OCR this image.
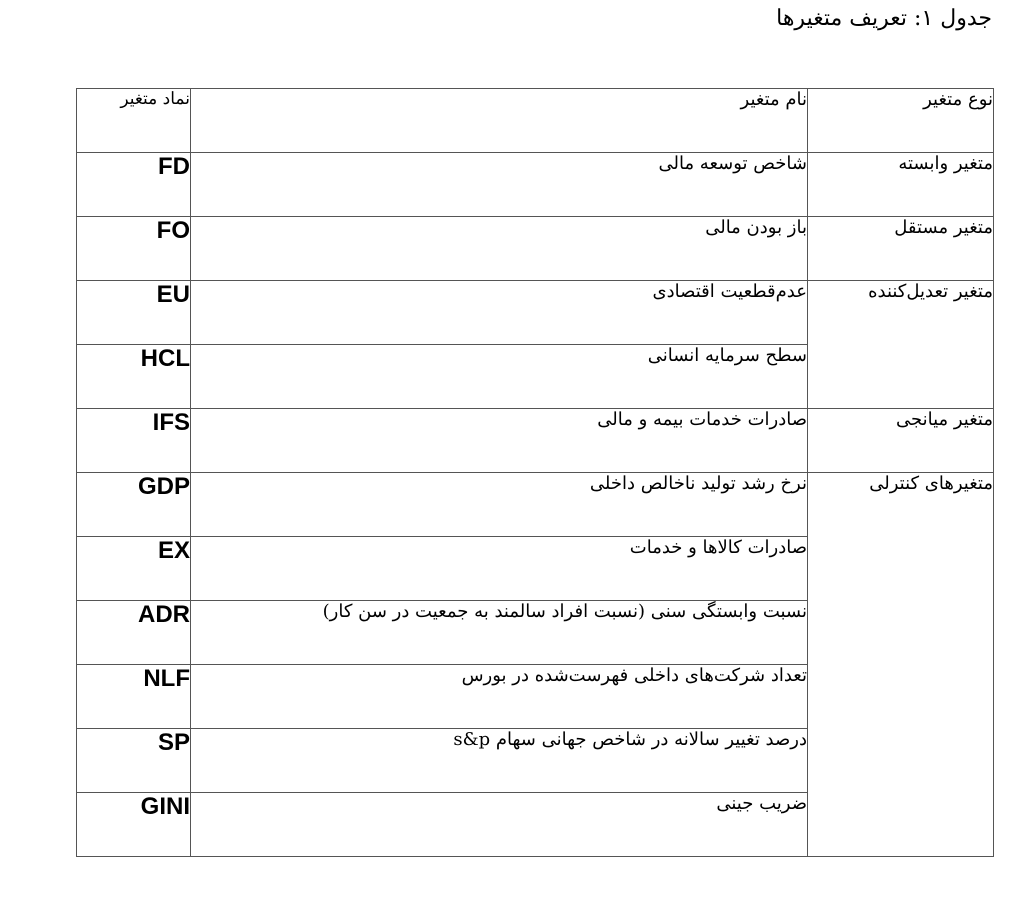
جدول ۱: تعریف متغیرها
نوع متغیر	نام متغیر	نماد متغیر
متغیر وابسته	شاخص توسعه مالی	FD
متغیر مستقل	باز بودن مالی	FO
متغیر تعدیل‌کننده	عدم‌قطعیت اقتصادی	EU
	سطح سرمایه انسانی	HCL
متغیر میانجی	صادرات خدمات بیمه و مالی	IFS
متغیرهای کنترلی	نرخ رشد تولید ناخالص داخلی	GDP
	صادرات کالاها و خدمات	EX
	نسبت وابستگی سنی (نسبت افراد سالمند به جمعیت در سن کار)	ADR
	تعداد شرکت‌های داخلی فهرست‌شده در بورس	NLF
	درصد تغییر سالانه در شاخص جهانی سهام s&p	SP
	ضریب جینی	GINI
